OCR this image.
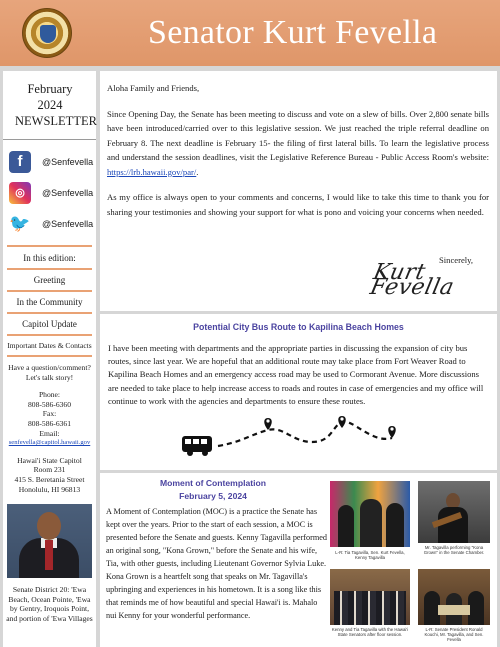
Senator Kurt Fevella
February 2024 NEWSLETTER
f	@Senfevella
◎	@Senfevella
🐦 @Senfevella
In this edition:
Greeting
In the Community
Capitol Update
Important Dates & Contacts
Have a question/comment? Let's talk story!
Phone:
808-586-6360
Fax:
808-586-6361
Email:
senfevella@capitol.hawaii.gov
Hawai'i State Capitol
Room 231
415 S. Beretania Street
Honolulu, HI 96813
Senate District 20: 'Ewa Beach, Ocean Pointe, 'Ewa by Gentry, Iroquois Point, and portion of 'Ewa Villages

Aloha Family and Friends,

Since Opening Day, the Senate has been meeting to discuss and vote on a slew of bills. Over 2,800 senate bills have been introduced/carried over to this legislative session. We just reached the triple referral deadline on February 8. The next deadline is February 15- the filing of first lateral bills. To learn the legislative process and understand the session deadlines, visit the Legislative Reference Bureau - Public Access Room's website: https://lrb.hawaii.gov/par/.

As my office is always open to your comments and concerns, I would like to take this time to thank you for sharing your testimonies and showing your support for what is pono and voicing your concerns when needed.

Sincerely,
Kurt Fevella
Potential City Bus Route to Kapilina Beach Homes
I have been meeting with departments and the appropriate parties in discussing the expansion of city bus routes, since last year. We are hopeful that an additional route may take place from Fort Weaver Road to Kapilina Beach Homes and an emergency access road may be used to Cormorant Avenue. More discussions are needed to take place to help increase access to roads and routes in case of emergencies and my office will continue to work with the agencies and departments to ensure these routes.
Moment of Contemplation
February 5, 2024
A Moment of Contemplation (MOC) is a practice the Senate has kept over the years. Prior to the start of each session, a MOC is presented before the Senate and guests. Kenny Tagavilla performed an original song, "Kona Grown," before the Senate and his wife, Tia, with other guests, including Lieutenant Governor Sylvia Luke. Kona Grown is a heartfelt song that speaks on Mr. Tagavilla's upbringing and experiences in his hometown. It is a song like this that reminds me of how beautiful and special Hawai'i is. Mahalo nui Kenny for your wonderful performance.
L-R: Tia Tagavilla, Sen. Kurt Fevella, Kenny Tagavilla
Mr. Tagavilla performing "Kona Grown" in the Senate Chamber.
Kenny and Tia Tagavilla with the Hawai'i State Senators after floor session.
L-R: Senate President Ronald Kouchi, Mr. Tagavilla, and Sen. Fevella
